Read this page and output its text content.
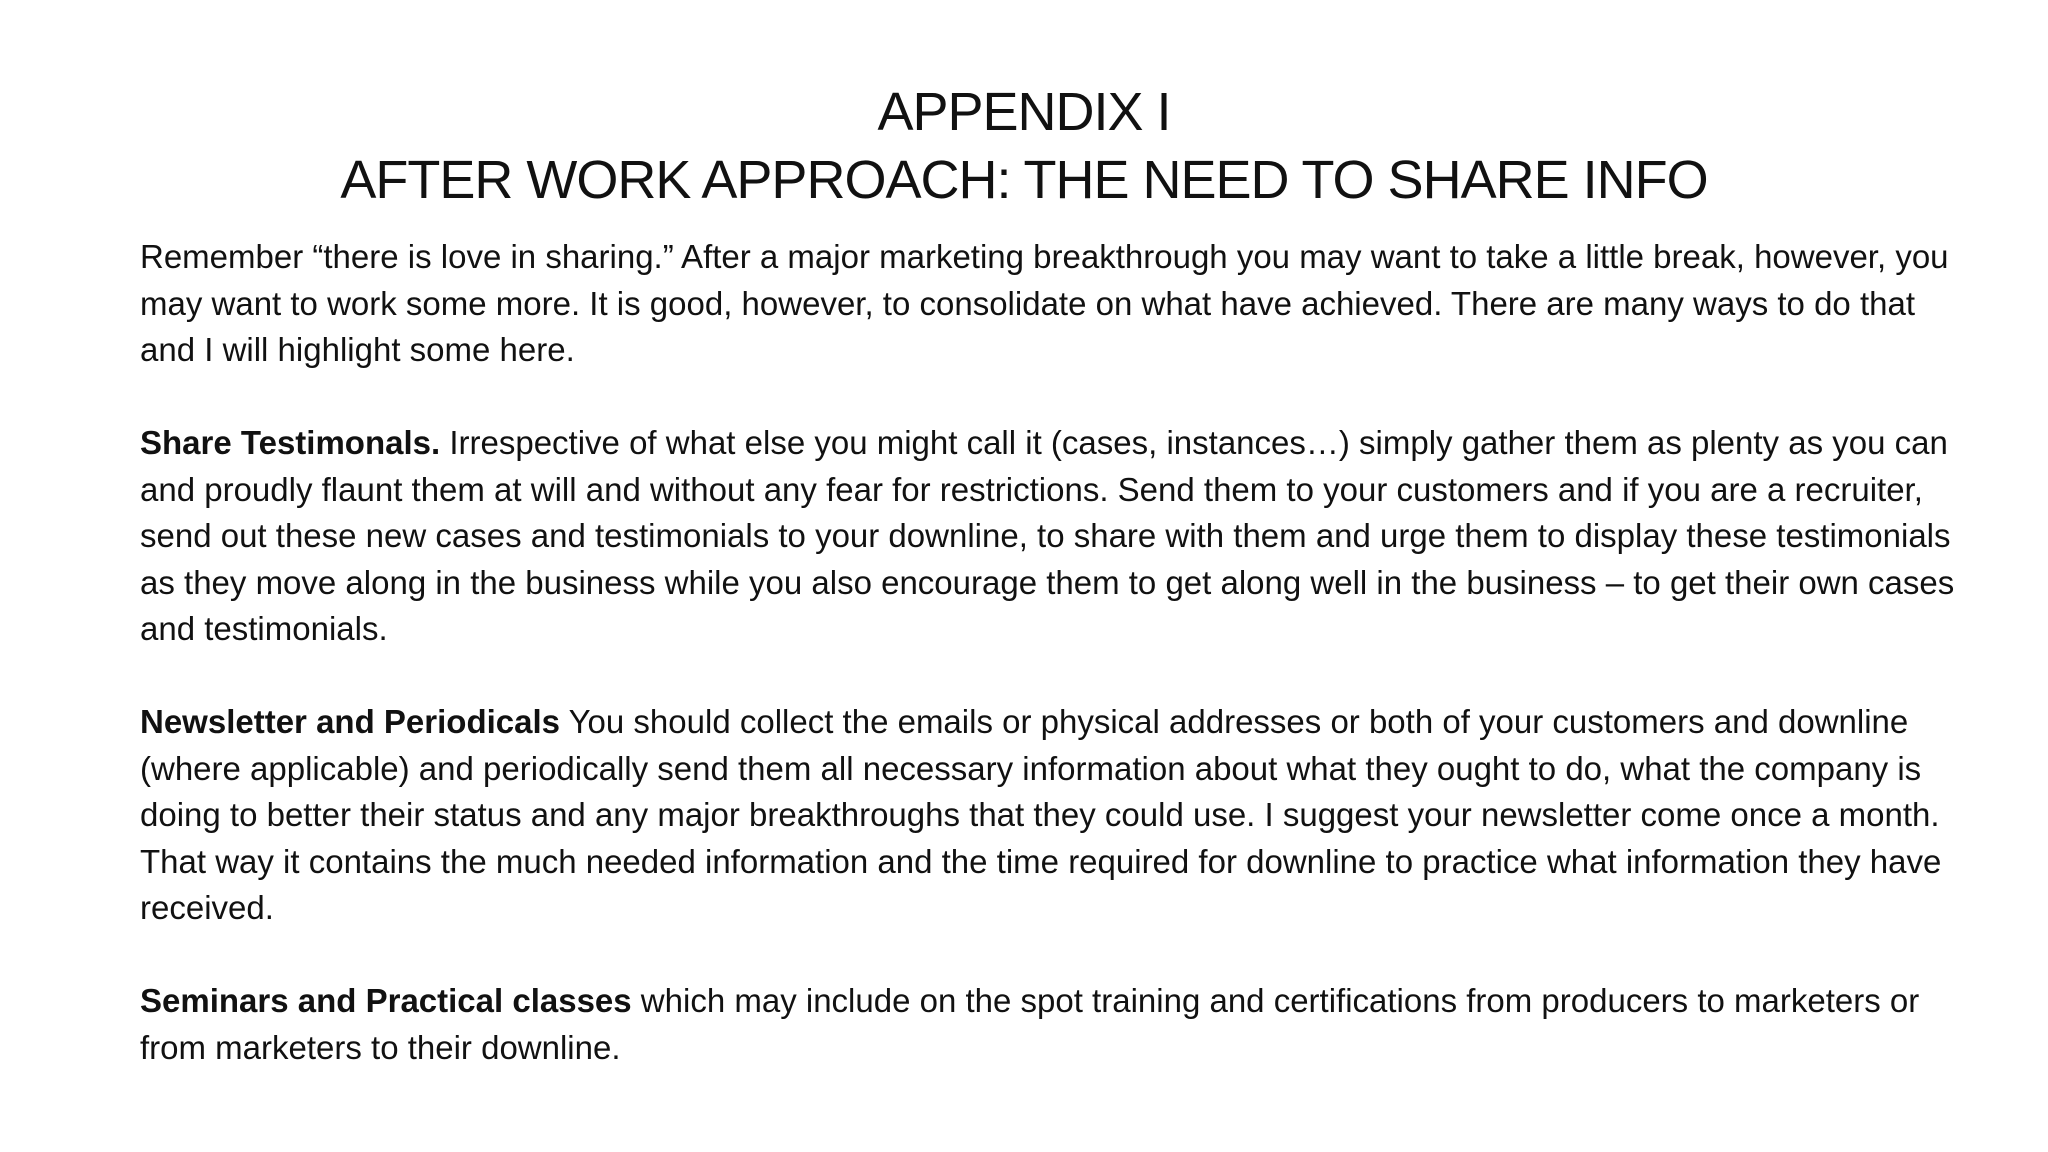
APPENDIX I
AFTER WORK APPROACH: THE NEED TO SHARE INFO

Remember “there is love in sharing.” After a major marketing breakthrough you may want to take a little break, however, you may want to work some more. It is good, however, to consolidate on what have achieved. There are many ways to do that and I will highlight some here.

Share Testimonals. Irrespective of what else you might call it (cases, instances…) simply gather them as plenty as you can and proudly flaunt them at will and without any fear for restrictions. Send them to your customers and if you are a recruiter, send out these new cases and testimonials to your downline, to share with them and urge them to display these testimonials as they move along in the business while you also encourage them to get along well in the business – to get their own cases and testimonials.

Newsletter and Periodicals You should collect the emails or physical addresses or both of your customers and downline (where applicable) and periodically send them all necessary information about what they ought to do, what the company is doing to better their status and any major breakthroughs that they could use. I suggest your newsletter come once a month. That way it contains the much needed information and the time required for downline to practice what information they have received.

Seminars and Practical classes which may include on the spot training and certifications from producers to marketers or from marketers to their downline.
